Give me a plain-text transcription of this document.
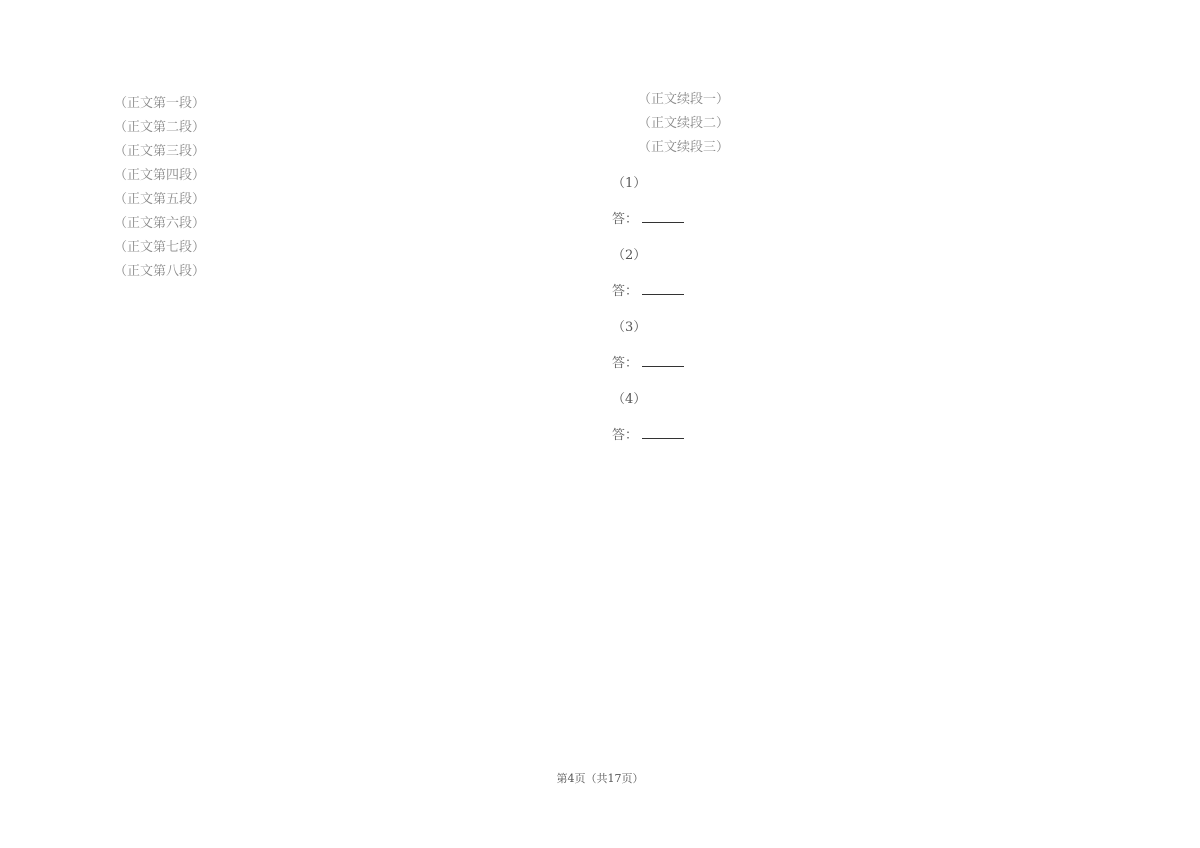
（正文第一段）

（正文第二段）

（正文第三段）

（正文第四段）

（正文第五段）

（正文第六段）

（正文第七段）

（正文第八段）

（正文续段一）

（正文续段二）

（正文续段三）

（1）

答：

（2）

答：

（3）

答：

（4）

答：

第4页（共17页）
